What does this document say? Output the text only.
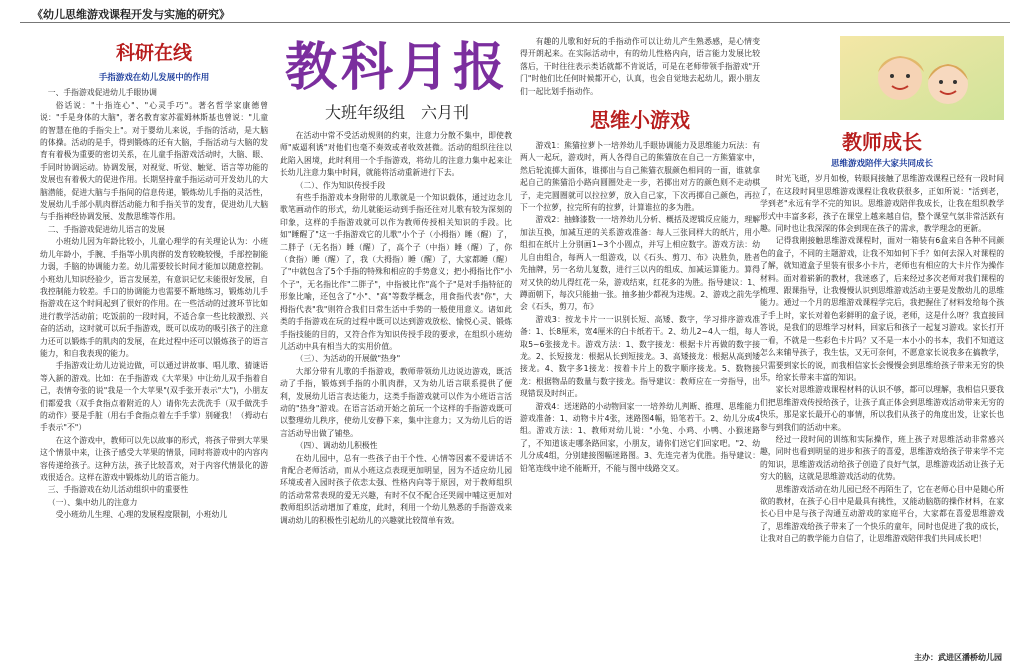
《幼儿思维游戏课程开发与实施的研究》
科研在线
手指游戏在幼儿发展中的作用

一、手指游戏促进幼儿手眼协调

俗话说："十指连心"、"心灵手巧"。著名哲学家康德曾说："手是身体的大脑"，著名教育家苏霍姆林斯基也曾说："儿童的智慧在他的手指尖上"。对于婴幼儿来说，手指的活动，是大脑的体操。活动的是手，得到锻炼的还有大脑，手指活动与大脑的发育有着极为重要的密切关系，在儿童手指游戏活动时，大脑、眼、手同时协调运动。协调发展，对视觉、听觉、触觉、语言等功能的发展也有着极大的促进作用。长期坚持童手指运动可开发幼儿的大脑潜能，促进大脑与手指间的信息传递，锻炼幼儿手指的灵活性，发展幼儿手部小肌肉群活动能力和手指关节的发育，促进幼儿大脑与手指神经协调发展、发散思维等作用。

二、手指游戏促进幼儿语言的发展

小班幼儿因为年龄比较小，儿童心理学的有关理论认为：小班幼儿年龄小，手腕、手指等小肌肉群的发育较晚较慢，手部控制能力弱，手脑的协调能力差。幼儿需要较长时间才能加以随意控制。小班幼儿知识经验少，语言发展差，有意识记忆未能很好发展，自我控制能力较差。手口的协调能力也需要不断地练习，锻炼幼儿手指游戏在这个时间起到了很好的作用。在一些活动的过渡环节比如进行教学活动前；吃饭前的一段时间，不适合拿一些比较激烈、兴奋的活动，这时就可以玩手指游戏，既可以成功的吸引孩子的注意力还可以锻炼手的肌肉的发展，在此过程中还可以锻炼孩子的语言能力，和自我表现的能力。

手指游戏让幼儿边说边做，可以通过讲故事、唱儿歌、猜谜语等入新的游戏。比如：在手指游戏《大苹果》中让幼儿双手指着自己，表情夸张的说"我是一个大苹果"(双手张开表示"大")，小朋友们都爱我（双手食指点着附近的人）请你先去洗洗手（双手做洗手的动作）要是手脏（用右手食指点着左手手掌）别碰我！（拇动右手表示"不"）

在这个游戏中，教师可以先以故事的形式，将孩子带到大苹果这个情景中来，让孩子感受大苹果的情景，同时将游戏中的内容内容传递给孩子。这种方法，孩子比较喜欢，对于内容代情景化的游戏很适合。这样在游戏中锻炼幼儿的语言能力。

三、手指游戏在幼儿活动组织中的重要性

（一）、集中幼儿的注意力

受小班幼儿生理、心理的发展程度限制，小班幼儿

教科月报
大班年级组　六月刊

在活动中常不受活动规则的约束，注意力分散不集中，即使教师"威逼利诱"对他们也毫不奏效或者收效甚微。活动的组织往往以此陷入困境，此时利用一个手指游戏，将幼儿的注意力集中起来让长幼儿注意力集中时间，就能将活动重新进行下去。

（二）、作为知识传授手段

有些手指游戏本身附带的儿歌就是一个知识载体，通过边念儿歌笔画动作的形式，幼儿就能运动到手指还往对儿歌有较为深刻的印象，这样的手指游戏就可以作为教师传授相关知识的手段。比如"睡醒了"这一手指游戏它的儿歌"小个子（小拇指）睡（醒）了，二胖子（无名指）睡（醒）了，高个子（中指）睡（醒）了，你（食指）睡（醒）了，我（大拇指）睡（醒）了，大家都睡（醒）了"中就包含了5个手指的特殊和相应的手势意义；把小拇指比作"小个子"，无名指比作"二胖子"，中指被比作"高个子"是对手指特征的形象比喻，还包含了"小"、"高"等数学概念，用食指代表"你"，大拇指代表"我"则符合我们日常生活中手势的一般使用意义。诸如此类的手指游戏在玩的过程中既可以达到游戏放松、愉悦心灵、锻炼手指技能的目的，又符合作为知识传授手段的要求，在组织小班幼儿活动中具有相当大的实用价值。

（三）、为活动的开展做"热身"

大部分带有儿歌的手指游戏，教师带领幼儿边说边游戏，既活动了手指，锻炼到手指的小肌肉群，又为幼儿语言联系提供了便利，发展幼儿语言表达能力，这类手指游戏就可以作为小班语言活动的"热身"游戏。在语言活动开始之前玩一个这样的手指游戏既可以整理幼儿秩序，使幼儿安静下来，集中注意力；又为幼儿后的语言活动导出做了铺垫。

（四）、调动幼儿积极性

在幼儿园中，总有一些孩子由于个性、心情等因素不爱讲话不肯配合老师活动，而从小班这点表现更加明显，因为不适应幼儿园环境或者入园时孩子依恋太强、性格内向等于原因，对于教师组织的活动常常表现的爱无兴趣，有时不仅不配合还哭闹中哺这更加对教师组织活动增加了难度，此时，利用一个幼儿熟悉的手指游戏来调动幼儿的积极性引起幼儿的兴趣就比较简单有效。

有趣的儿歌和好玩的手指动作可以让幼儿产生熟悉感，是心情变得开朗起来。在实际活动中，有的幼儿性格内向，语言能力发展比较落后，干时往往表示类话就都不肯说话，可是在老师带领手指游戏"开门"时他们比任何时候都开心，认真，也会自觉地去起幼儿，跟小朋友们一起比划手指动作。

思维小游戏

游戏1：熊猫拉萝卜一培养幼儿手眼协调能力及思维能力玩法：有两人一起玩，游戏时，两人各得自己的熊猫放在自己一方熊猫家中，然后轮流掷大面体，谁掷出与自己熊猫衣服颜色相同的一面，谁就拿起自己的熊猫沿小路向圆圈处走一步，若掷出对方的颜色则不走动棋子，走完圆圈就可以拉拉萝，放入自己家，下次再掷自己颜色，再拉下一个拉萝，拉完所有的拉萝，计算谁拉的多为胜。

游戏2：抽蜂漆数一一培养幼儿分析、概括及逻辑反应能力，理解加法互换，加减互逆的关系游戏准备：每人三张同样大的纸片，用小组扣在纸片上分别画1~3个小圆点，并写上相应数字。游戏方法：幼儿自由组合，每两人一组游戏，以《石头、剪刀、布》决胜负，胜者先抽牌，另一名幼儿复数，进行三以内的组成、加减运算能力。算得对又快的幼儿得红花一朵，游戏结束，红花多的为胜。指导建议：1、蹲面朝下，每次只能抽一张。抽多抽少都视为违规。2、游戏之前先学会《石头，剪刀，布》

游戏3：按龙卡片一一识别长短、高矮、数字，学习排序游戏准备：1、长8厘米，宽4厘米的白卡纸若干。2、幼儿2~4人一组，每人取5~6张接龙卡。游戏方法：1、数字接龙：根据卡片再做的数字接龙。2、长短接龙：根据从长到短接龙。3、高矮接龙：根据从高到矮接龙。4、数字多1接龙：按着卡片上的数字顺序接龙。5、数物接龙：根据物品的数量与数字接龙。指导建议：教师应在一旁指导，出现错误及时纠正。

游戏4：送迷路的小动物回家一一培养幼儿判断、推理、思维能力游戏准备：1、动物卡片4张，迷路图4幅，铅笔若干。2、幼儿分成4组。游戏方法：1、教师对幼儿说："小兔、小鸡、小鸭、小猴迷路了，不知道该走哪条路回家，小朋友，请你们送它们回家吧。"2、幼儿分成4组，分别建接图幅迷路图。3、先连完者为优胜。指导建议：铅笔连线中途不能断开，不能与图中线路交叉。

教师成长
思维游戏陪伴大家共同成长

时光飞逝，岁月如梭，转眼间接触了思维游戏课程已经有一段时间了，在这段时间里思维游戏课程让我收获很多，正如所说："活到老，学到老"永远有学不完的知识。思维游戏陪伴我成长，让我在组织教学形式中丰富多彩，孩子在课堂上越来越自信，整个课堂气氛非常活跃有趣。同时也让我深深的体会到现在孩子的需求，教学理念的更新。

记得我刚接触思维游戏课程时，面对一箱装有6盒来自各种不同颜色的盒子，不同的主题游戏，让我不知如何下手？如何去深入对课程的了解，就知道盒子里装有很多小卡片，老师也有相应的大卡片作为操作材料。面对着崭新的教材，我迷惑了，后来经过多次老师对我们课程的梳理、跟课指导，让我慢慢认识到思维游戏活动主要是发散幼儿的思维能力。通过一个月的思维游戏课程学完后，我把握住了材料发给每个孩子手上时，家长对着色彩鲜明的盒子说，老师，这是什么呀？我直接回答说，是我们的思维学习材料，回家后和孩子一起复习游戏。家长打开一看，不就是一些彩色卡片吗？又不是一本小小的书本，我们不知道这怎么来辅导孩子，我生怯，又无可奈何，不愿意家长说我多在搞教学，只需要到家长的说，而我相信家长会慢慢会到思维给孩子带来无穷的快乐，给家长带来丰富的知识。

家长对思维游戏课程材料的认识不够，都可以理解，我相信只要我们把思维游戏传授给孩子，让孩子真正体会到思维游戏活动带来无穷的快乐，那是家长最开心的事情，所以我们从孩子的角度出发，让家长也参与到我们的活动中来。

经过一段时间的训练和实际操作，班上孩子对思维活动非常感兴趣，同时也看到明显的进步和孩子的喜爱，思维游戏给孩子带来学不完的知识，思维游戏活动给孩子创造了良好气氛，思维游戏活动让孩子无穷大的脑，这就是思维游戏活动的优势。

思维游戏活动在幼儿园已经不再陌生了，它在老师心目中是随心所欲的教材，在孩子心目中是最具有挑性，又能动脑筋的操作材料，在家长心目中是与孩子沟通互动游戏的家庭平台，大家都在喜爱思维游戏了，思维游戏给孩子带来了一个快乐的童年，同时也促进了我的成长，让我对自己的教学能力自信了，让思维游戏陪伴我们共同成长吧！

主办：武进区潘桥幼儿园
